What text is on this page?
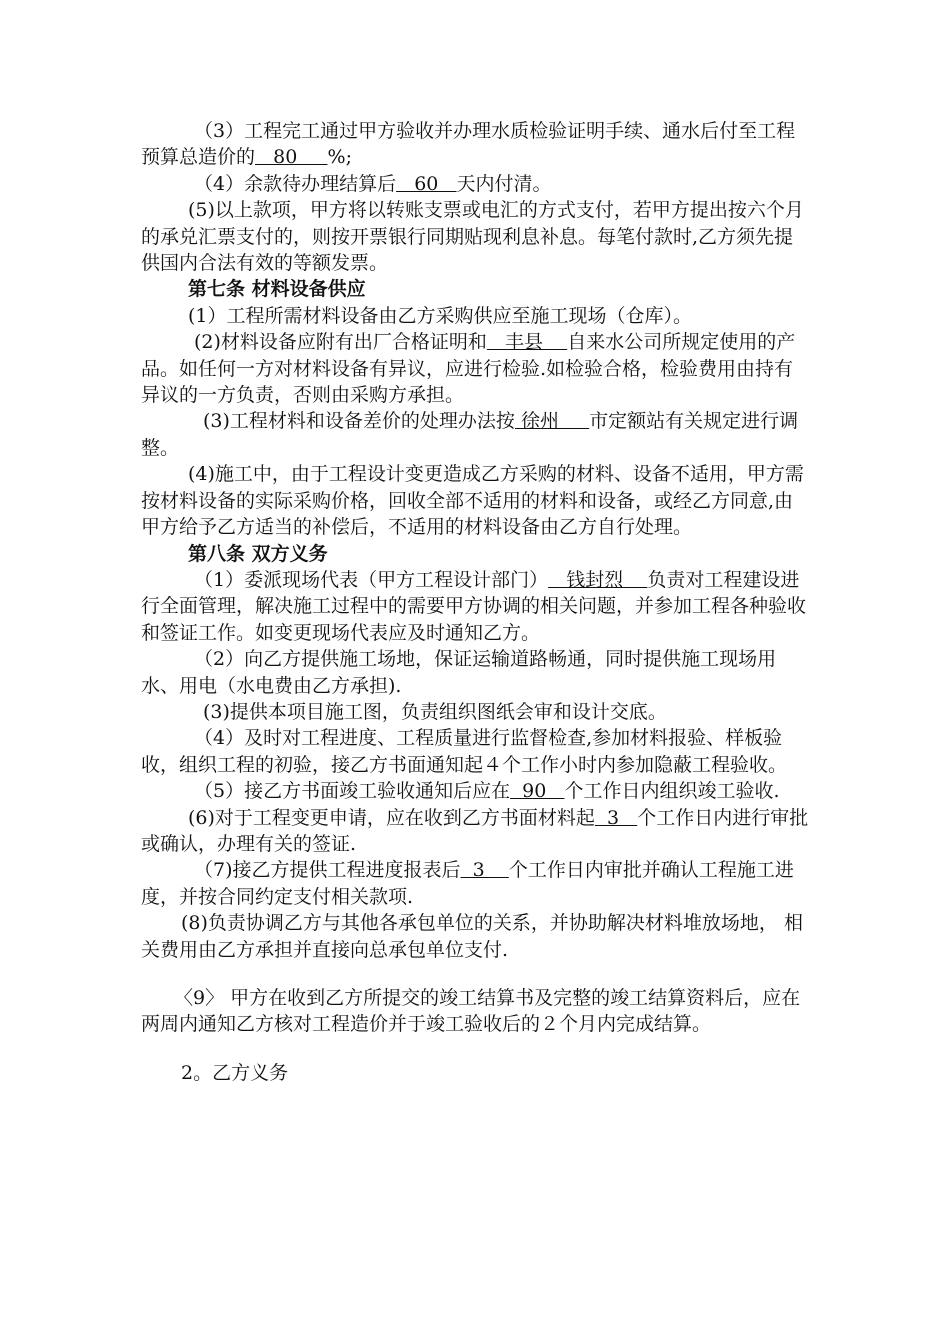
（3）工程完工通过甲方验收并办理水质检验证明手续、通水后付至工程预算总造价的   80     %;

（4）余款待办理结算后   60   天内付清。

(5)以上款项，甲方将以转账支票或电汇的方式支付，若甲方提出按六个月的承兑汇票支付的，则按开票银行同期贴现利息补息。每笔付款时,乙方须先提供国内合法有效的等额发票。

第七条 材料设备供应

(1）工程所需材料设备由乙方采购供应至施工现场（仓库）。

(2)材料设备应附有出厂合格证明和   丰县    自来水公司所规定使用的产品。如任何一方对材料设备有异议，应进行检验.如检验合格，检验费用由持有异议的一方负责，否则由采购方承担。

(3)工程材料和设备差价的处理办法按 徐州     市定额站有关规定进行调整。

(4)施工中，由于工程设计变更造成乙方采购的材料、设备不适用，甲方需按材料设备的实际采购价格，回收全部不适用的材料和设备，或经乙方同意,由甲方给予乙方适当的补偿后，不适用的材料设备由乙方自行处理。

第八条 双方义务

（1）委派现场代表（甲方工程设计部门）   钱封烈    负责对工程建设进行全面管理，解决施工过程中的需要甲方协调的相关问题，并参加工程各种验收和签证工作。如变更现场代表应及时通知乙方。

（2）向乙方提供施工场地，保证运输道路畅通，同时提供施工现场用水、用电（水电费由乙方承担).

(3)提供本项目施工图，负责组织图纸会审和设计交底。

（4）及时对工程进度、工程质量进行监督检查,参加材料报验、样板验收，组织工程的初验，接乙方书面通知起４个工作小时内参加隐蔽工程验收。

（5）接乙方书面竣工验收通知后应在  90   个工作日内组织竣工验收.

(6)对于工程变更申请，应在收到乙方书面材料起  3   个工作日内进行审批或确认，办理有关的签证.

（7)接乙方提供工程进度报表后  3    个工作日内审批并确认工程施工进度，并按合同约定支付相关款项.

(8)负责协调乙方与其他各承包单位的关系，并协助解决材料堆放场地， 相关费用由乙方承担并直接向总承包单位支付.

〈9〉 甲方在收到乙方所提交的竣工结算书及完整的竣工结算资料后，应在 两周内通知乙方核对工程造价并于竣工验收后的２个月内完成结算。

2。乙方义务
